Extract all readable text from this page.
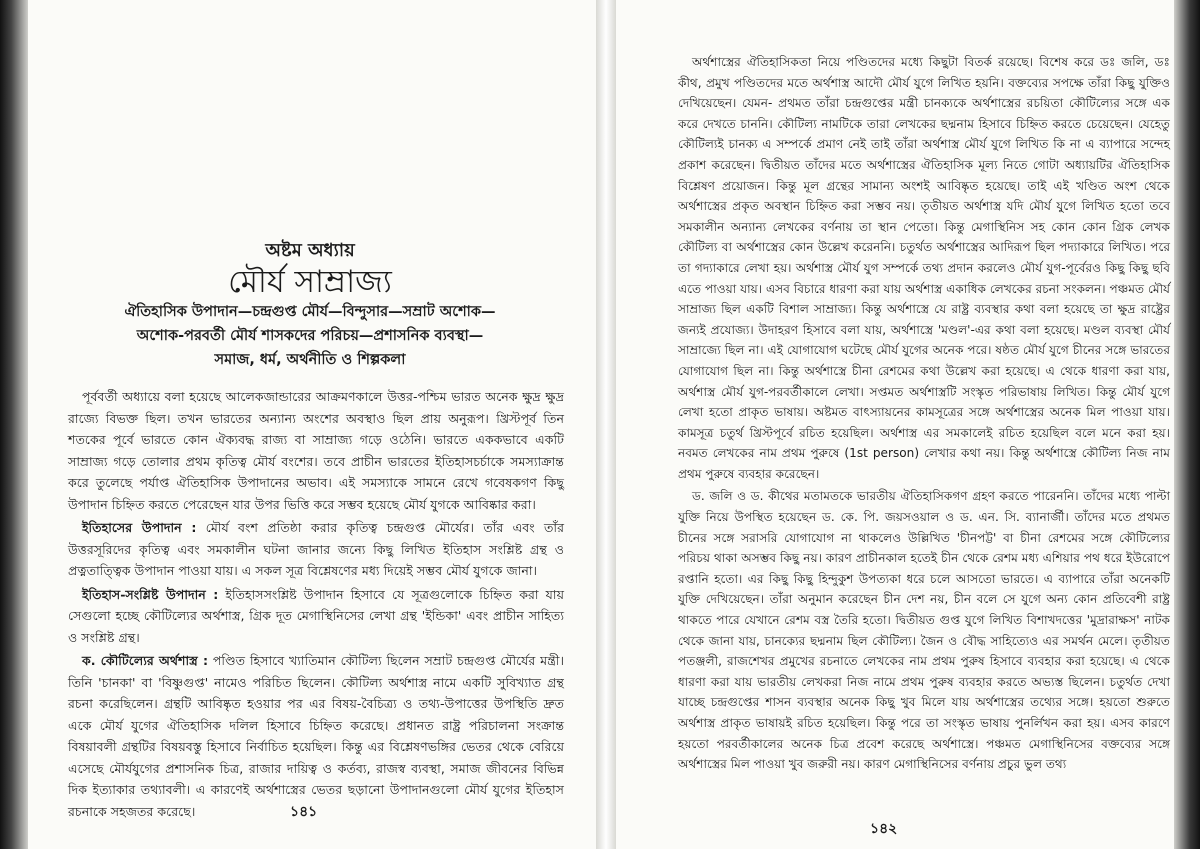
অষ্টম অধ্যায়
মৌর্য সাম্রাজ্য
ঐতিহাসিক উপাদান—চন্দ্রগুপ্ত মৌর্য—বিন্দুসার—সম্রাট অশোক—
অশোক-পরবর্তী মৌর্য শাসকদের পরিচয়—প্রশাসনিক ব্যবস্থা—
সমাজ, ধর্ম, অর্থনীতি ও শিল্পকলা

পূর্ববর্তী অধ্যায়ে বলা হয়েছে আলেকজান্ডারের আক্রমণকালে উত্তর-পশ্চিম ভারত অনেক ক্ষুদ্র ক্ষুদ্র রাজ্যে বিভক্ত ছিল। তখন ভারতের অন্যান্য অংশের অবস্থাও ছিল প্রায় অনুরূপ। খ্রিস্টপূর্ব তিন শতকের পূর্বে ভারতে কোন ঐক্যবদ্ধ রাজ্য বা সাম্রাজ্য গড়ে ওঠেনি। ভারতে এককভাবে একটি সাম্রাজ্য গড়ে তোলার প্রথম কৃতিত্ব মৌর্য বংশের। তবে প্রাচীন ভারতের ইতিহাসচর্চাকে সমস্যাক্রান্ত করে তুলেছে পর্যাপ্ত ঐতিহাসিক উপাদানের অভাব। এই সমস্যাকে সামনে রেখে গবেষকগণ কিছু উপাদান চিহ্নিত করতে পেরেছেন যার উপর ভিত্তি করে সম্ভব হয়েছে মৌর্য যুগকে আবিষ্কার করা।

ইতিহাসের উপাদান : মৌর্য বংশ প্রতিষ্ঠা করার কৃতিত্ব চন্দ্রগুপ্ত মৌর্যের। তাঁর এবং তাঁর উত্তরসূরিদের কৃতিত্ব এবং সমকালীন ঘটনা জানার জন্যে কিছু লিখিত ইতিহাস সংশ্লিষ্ট গ্রন্থ ও প্রত্নতাত্ত্বিক উপাদান পাওয়া যায়। এ সকল সূত্র বিশ্লেষণের মধ্য দিয়েই সম্ভব মৌর্য যুগকে জানা।

ইতিহাস-সংশ্লিষ্ট উপাদান : ইতিহাসসংশ্লিষ্ট উপাদান হিসাবে যে সূত্রগুলোকে চিহ্নিত করা যায় সেগুলো হচ্ছে কৌটিল্যের অর্থশাস্ত্র, গ্রিক দূত মেগাস্থিনিসের লেখা গ্রন্থ 'ইন্ডিকা' এবং প্রাচীন সাহিত্য ও সংশ্লিষ্ট গ্রন্থ।

ক. কৌটিল্যের অর্থশাস্ত্র : পণ্ডিত হিসাবে খ্যাতিমান কৌটিল্য ছিলেন সম্রাট চন্দ্রগুপ্ত মৌর্যের মন্ত্রী। তিনি 'চানকা' বা 'বিষ্ণুগুপ্ত' নামেও পরিচিত ছিলেন। কৌটিল্য অর্থশাস্ত্র নামে একটি সুবিখ্যাত গ্রন্থ রচনা করেছিলেন। গ্রন্থটি আবিষ্কৃত হওয়ার পর এর বিষয়-বৈচিত্র্য ও তথ্য-উপাত্তের উপস্থিতি দ্রুত একে মৌর্য যুগের ঐতিহাসিক দলিল হিসাবে চিহ্নিত করেছে। প্রধানত রাষ্ট্র পরিচালনা সংক্রান্ত বিষয়াবলী গ্রন্থটির বিষয়বস্তু হিসাবে নির্বাচিত হয়েছিল। কিন্তু এর বিশ্লেষণভঙ্গির ভেতর থেকে বেরিয়ে এসেছে মৌর্যযুগের প্রশাসনিক চিত্র, রাজার দায়িত্ব ও কর্তব্য, রাজস্ব ব্যবস্থা, সমাজ জীবনের বিভিন্ন দিক ইত্যাকার তথ্যাবলী। এ কারণেই অর্থশাস্ত্রের ভেতর ছড়ানো উপাদানগুলো মৌর্য যুগের ইতিহাস রচনাকে সহজতর করেছে।	১৪১

অর্থশাস্ত্রের ঐতিহাসিকতা নিয়ে পণ্ডিতদের মধ্যে কিছুটা বিতর্ক রয়েছে। বিশেষ করে ডঃ জলি, ডঃ কীথ, প্রমুখ পণ্ডিতদের মতে অর্থশাস্ত্র আদৌ মৌর্য যুগে লিখিত হয়নি। বক্তব্যের সপক্ষে তাঁরা কিছু যুক্তিও দেখিয়েছেন। যেমন- প্রথমত তাঁরা চন্দ্রগুপ্তের মন্ত্রী চানক্যকে অর্থশাস্ত্রের রচয়িতা কৌটিল্যের সঙ্গে এক করে দেখতে চাননি। কৌটিল্য নামটিকে তারা লেখকের ছদ্মনাম হিসাবে চিহ্নিত করতে চেয়েছেন। যেহেতু কৌটিল্যই চানক্য এ সম্পর্কে প্রমাণ নেই তাই তাঁরা অর্থশাস্ত্র মৌর্য যুগে লিখিত কি না এ ব্যাপারে সন্দেহ প্রকাশ করেছেন। দ্বিতীয়ত তাঁদের মতে অর্থশাস্ত্রের ঐতিহাসিক মূল্য নিতে গোটা অধ্যায়টির ঐতিহাসিক বিশ্লেষণ প্রয়োজন। কিন্তু মূল গ্রন্থের সামান্য অংশই আবিষ্কৃত হয়েছে। তাই এই খণ্ডিত অংশ থেকে অর্থশাস্ত্রের প্রকৃত অবস্থান চিহ্নিত করা সম্ভব নয়। তৃতীয়ত অর্থশাস্ত্র যদি মৌর্য যুগে লিখিত হতো তবে সমকালীন অন্যান্য লেখকের বর্ণনায় তা স্থান পেতো। কিন্তু মেগাস্থিনিস সহ কোন কোন গ্রিক লেখক কৌটিল্য বা অর্থশাস্ত্রের কোন উল্লেখ করেননি। চতুর্থত অর্থশাস্ত্রের আদিরূপ ছিল পদ্যাকারে লিখিত। পরে তা গদ্যাকারে লেখা হয়। অর্থশাস্ত্র মৌর্য যুগ সম্পর্কে তথ্য প্রদান করলেও মৌর্য যুগ-পূর্বেরও কিছু কিছু ছবি এতে পাওয়া যায়। এসব বিচারে ধারণা করা যায় অর্থশাস্ত্র একাধিক লেখকের রচনা সংকলন। পঞ্চমত মৌর্য সাম্রাজ্য ছিল একটি বিশাল সাম্রাজ্য। কিন্তু অর্থশাস্ত্রে যে রাষ্ট্র ব্যবস্থার কথা বলা হয়েছে তা ক্ষুদ্র রাষ্ট্রের জন্যই প্রযোজ্য। উদাহরণ হিসাবে বলা যায়, অর্থশাস্ত্রে 'মণ্ডল'-এর কথা বলা হয়েছে। মণ্ডল ব্যবস্থা মৌর্য সাম্রাজ্যে ছিল না। এই যোগাযোগ ঘটেছে মৌর্য যুগের অনেক পরে। ষষ্ঠত মৌর্য যুগে চীনের সঙ্গে ভারতের যোগাযোগ ছিল না। কিন্তু অর্থশাস্ত্রে চীনা রেশমের কথা উল্লেখ করা হয়েছে। এ থেকে ধারণা করা যায়, অর্থশাস্ত্র মৌর্য যুগ-পরবর্তীকালে লেখা। সপ্তমত অর্থশাস্ত্রটি সংস্কৃত পরিভাষায় লিখিত। কিন্তু মৌর্য যুগে লেখা হতো প্রাকৃত ভাষায়। অষ্টমত বাৎস্যায়নের কামসূত্রের সঙ্গে অর্থশাস্ত্রের অনেক মিল পাওয়া যায়। কামসূত্র চতুর্থ খ্রিস্টপূর্বে রচিত হয়েছিল। অর্থশাস্ত্র এর সমকালেই রচিত হয়েছিল বলে মনে করা হয়। নবমত লেখকের নাম প্রথম পুরুষে (1st person) লেখার কথা নয়। কিন্তু অর্থশাস্ত্রে কৌটিল্য নিজ নাম প্রথম পুরুষে ব্যবহার করেছেন।

ড. জলি ও ড. কীথের মতামতকে ভারতীয় ঐতিহাসিকগণ গ্রহণ করতে পারেননি। তাঁদের মধ্যে পাল্টা যুক্তি নিয়ে উপস্থিত হয়েছেন ড. কে. পি. জয়সওয়াল ও ড. এন. সি. ব্যানার্জী। তাঁদের মতে প্রথমত চীনের সঙ্গে সরাসরি যোগাযোগ না থাকলেও উল্লিখিত 'চীনপট্ট' বা চীনা রেশমের সঙ্গে কৌটিল্যের পরিচয় থাকা অসম্ভব কিছু নয়। কারণ প্রাচীনকাল হতেই চীন থেকে রেশম মধ্য এশিয়ার পথ ধরে ইউরোপে রপ্তানি হতো। এর কিছু কিছু হিন্দুকুশ উপত্যকা ধরে চলে আসতো ভারতে। এ ব্যাপারে তাঁরা অনেকটি যুক্তি দেখিয়েছেন। তাঁরা অনুমান করেছেন চীন দেশ নয়, চীন বলে সে যুগে অন্য কোন প্রতিবেশী রাষ্ট্র থাকতে পারে যেখানে রেশম বস্ত্র তৈরি হতো। দ্বিতীয়ত গুপ্ত যুগে লিখিত বিশাখদত্তের 'মুদ্রারাক্ষস' নাটক থেকে জানা যায়, চানক্যের ছদ্মনাম ছিল কৌটিল্য। জৈন ও বৌদ্ধ সাহিত্যেও এর সমর্থন মেলে। তৃতীয়ত পতঞ্জলী, রাজশেখর প্রমুখের রচনাতে লেখকের নাম প্রথম পুরুষ হিসাবে ব্যবহার করা হয়েছে। এ থেকে ধারণা করা যায় ভারতীয় লেখকরা নিজ নামে প্রথম পুরুষ ব্যবহার করতে অভ্যস্ত ছিলেন। চতুর্থত দেখা যাচ্ছে চন্দ্রগুপ্তের শাসন ব্যবস্থার অনেক কিছু খুব মিলে যায় অর্থশাস্ত্রের তথ্যের সঙ্গে। হয়তো শুরুতে অর্থশাস্ত্র প্রাকৃত ভাষায়ই রচিত হয়েছিল। কিন্তু পরে তা সংস্কৃত ভাষায় পুনর্লিখন করা হয়। এসব কারণে হয়তো পরবর্তীকালের অনেক চিত্র প্রবেশ করেছে অর্থশাস্ত্রে। পঞ্চমত মেগাস্থিনিসের বক্তব্যের সঙ্গে অর্থশাস্ত্রের মিল পাওয়া খুব জরুরী নয়। কারণ মেগাস্থিনিসের বর্ণনায় প্রচুর ভুল তথ্য

১৪২
